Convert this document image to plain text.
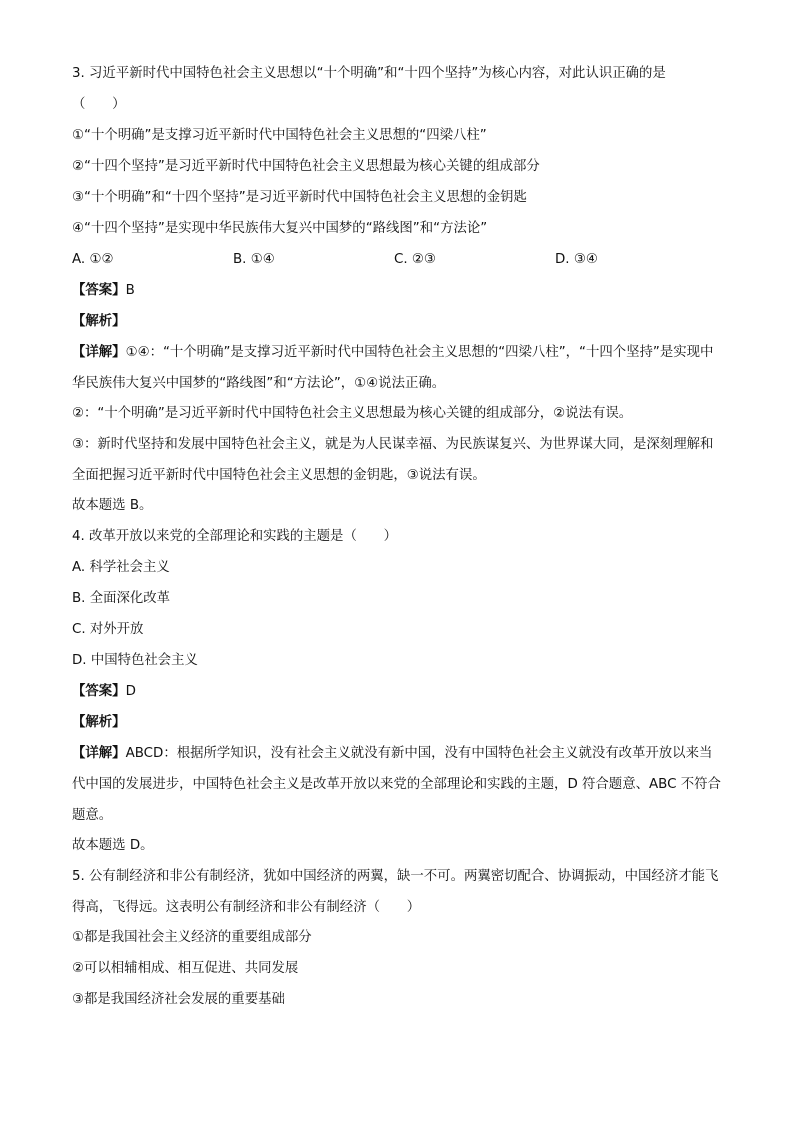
3. 习近平新时代中国特色社会主义思想以“十个明确”和“十四个坚持”为核心内容，对此认识正确的是
（　　）
①“十个明确”是支撑习近平新时代中国特色社会主义思想的“四梁八柱”
②“十四个坚持”是习近平新时代中国特色社会主义思想最为核心关键的组成部分
③“十个明确”和“十四个坚持”是习近平新时代中国特色社会主义思想的金钥匙
④“十四个坚持”是实现中华民族伟大复兴中国梦的“路线图”和“方法论”
A. ①②	B. ①④	C. ②③	D. ③④
【答案】B
【解析】
【详解】①④：“十个明确”是支撑习近平新时代中国特色社会主义思想的“四梁八柱”，“十四个坚持”是实现中华民族伟大复兴中国梦的“路线图”和“方法论”，①④说法正确。
②：“十个明确”是习近平新时代中国特色社会主义思想最为核心关键的组成部分，②说法有误。
③：新时代坚持和发展中国特色社会主义，就是为人民谋幸福、为民族谋复兴、为世界谋大同，是深刻理解和全面把握习近平新时代中国特色社会主义思想的金钥匙，③说法有误。
故本题选 B。
4. 改革开放以来党的全部理论和实践的主题是（　　）
A. 科学社会主义
B. 全面深化改革
C. 对外开放
D. 中国特色社会主义
【答案】D
【解析】
【详解】ABCD：根据所学知识，没有社会主义就没有新中国，没有中国特色社会主义就没有改革开放以来当代中国的发展进步，中国特色社会主义是改革开放以来党的全部理论和实践的主题，D 符合题意、ABC 不符合题意。
故本题选 D。
5. 公有制经济和非公有制经济，犹如中国经济的两翼，缺一不可。两翼密切配合、协调振动，中国经济才能飞得高，飞得远。这表明公有制经济和非公有制经济（　　）
①都是我国社会主义经济的重要组成部分
②可以相辅相成、相互促进、共同发展
③都是我国经济社会发展的重要基础
